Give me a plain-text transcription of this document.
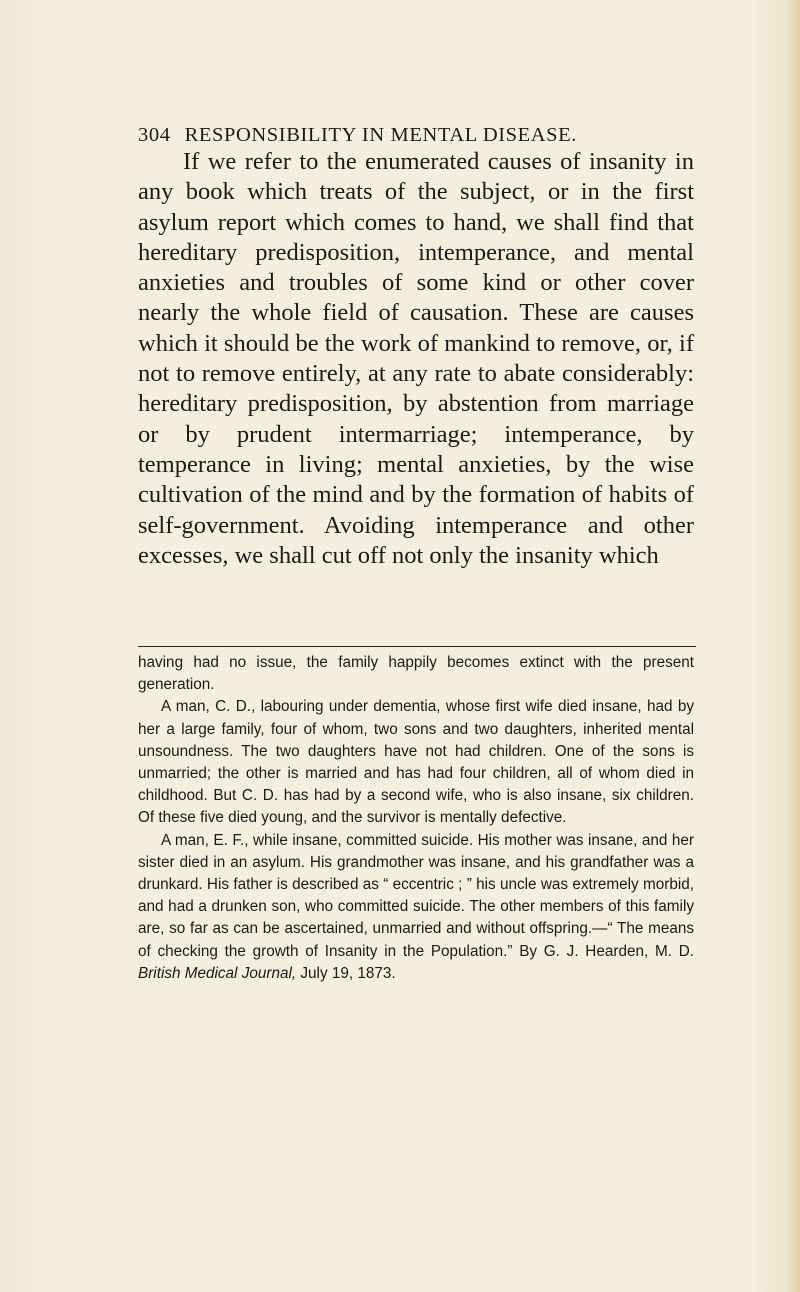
304 RESPONSIBILITY IN MENTAL DISEASE.

If we refer to the enumerated causes of insanity in any book which treats of the subject, or in the first asylum report which comes to hand, we shall find that hereditary predisposition, intemperance, and mental anxieties and troubles of some kind or other cover nearly the whole field of causation. These are causes which it should be the work of mankind to remove, or, if not to remove entirely, at any rate to abate considerably: hereditary predisposition, by abstention from marriage or by prudent intermarriage; intemperance, by temperance in living; mental anxieties, by the wise cultivation of the mind and by the formation of habits of self-government. Avoiding intemperance and other excesses, we shall cut off not only the insanity which

having had no issue, the family happily becomes extinct with the present generation.

A man, C. D., labouring under dementia, whose first wife died insane, had by her a large family, four of whom, two sons and two daughters, inherited mental unsoundness. The two daughters have not had children. One of the sons is unmarried; the other is married and has had four children, all of whom died in childhood. But C. D. has had by a second wife, who is also insane, six children. Of these five died young, and the survivor is mentally defective.

A man, E. F., while insane, committed suicide. His mother was insane, and her sister died in an asylum. His grandmother was insane, and his grandfather was a drunkard. His father is described as “ eccentric ; ” his uncle was extremely morbid, and had a drunken son, who committed suicide. The other members of this family are, so far as can be ascertained, unmarried and without offspring.—“ The means of checking the growth of Insanity in the Population.” By G. J. Hearden, M. D. British Medical Journal, July 19, 1873.
